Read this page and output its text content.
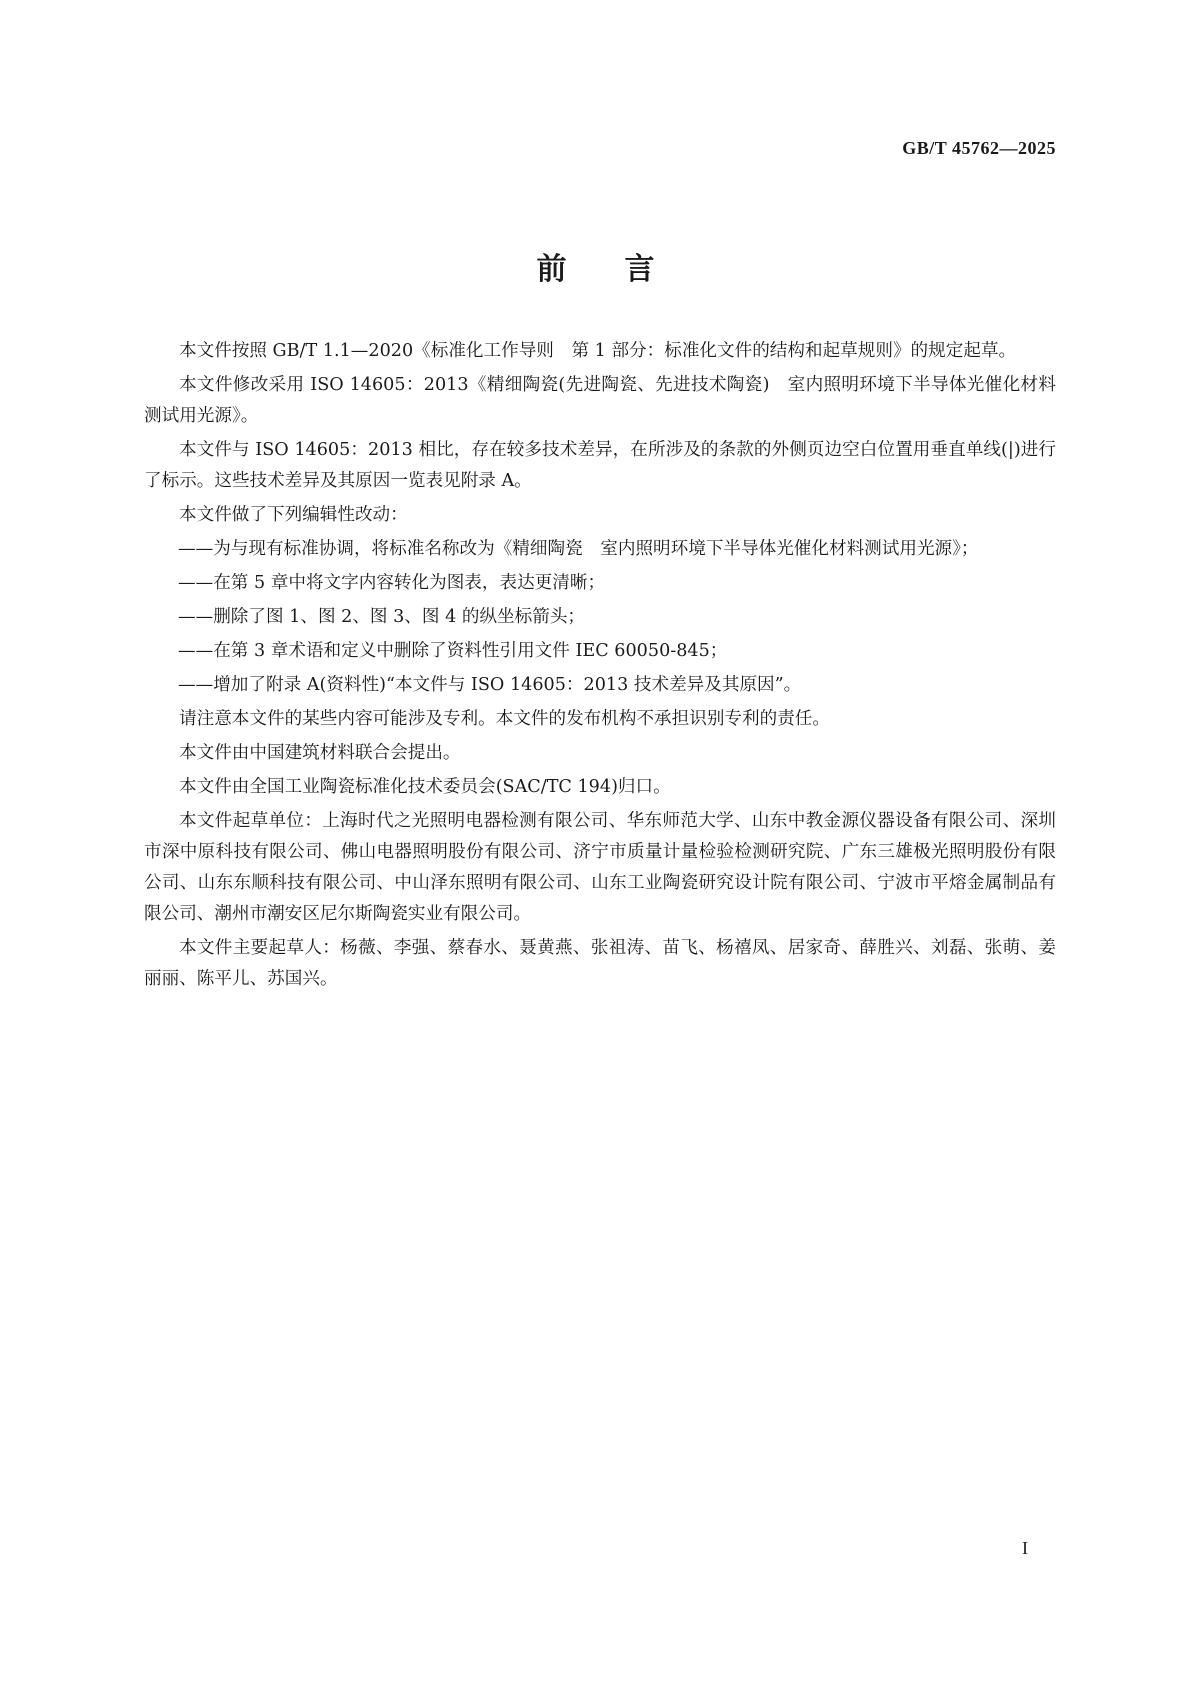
GB/T 45762—2025
前言

本文件按照 GB/T 1.1—2020《标准化工作导则　第 1 部分：标准化文件的结构和起草规则》的规定起草。

本文件修改采用 ISO 14605：2013《精细陶瓷(先进陶瓷、先进技术陶瓷)　室内照明环境下半导体光催化材料测试用光源》。

本文件与 ISO 14605：2013 相比，存在较多技术差异，在所涉及的条款的外侧页边空白位置用垂直单线(|)进行了标示。这些技术差异及其原因一览表见附录 A。

本文件做了下列编辑性改动：

——为与现有标准协调，将标准名称改为《精细陶瓷　室内照明环境下半导体光催化材料测试用光源》；

——在第 5 章中将文字内容转化为图表，表达更清晰；

——删除了图 1、图 2、图 3、图 4 的纵坐标箭头；

——在第 3 章术语和定义中删除了资料性引用文件 IEC 60050-845；

——增加了附录 A(资料性)“本文件与 ISO 14605：2013 技术差异及其原因”。

请注意本文件的某些内容可能涉及专利。本文件的发布机构不承担识别专利的责任。

本文件由中国建筑材料联合会提出。

本文件由全国工业陶瓷标准化技术委员会(SAC/TC 194)归口。

本文件起草单位：上海时代之光照明电器检测有限公司、华东师范大学、山东中教金源仪器设备有限公司、深圳市深中原科技有限公司、佛山电器照明股份有限公司、济宁市质量计量检验检测研究院、广东三雄极光照明股份有限公司、山东东顺科技有限公司、中山泽东照明有限公司、山东工业陶瓷研究设计院有限公司、宁波市平熔金属制品有限公司、潮州市潮安区尼尔斯陶瓷实业有限公司。

本文件主要起草人：杨薇、李强、蔡春水、聂黄燕、张祖涛、苗飞、杨禧凤、居家奇、薛胜兴、刘磊、张萌、姜丽丽、陈平儿、苏国兴。

I
